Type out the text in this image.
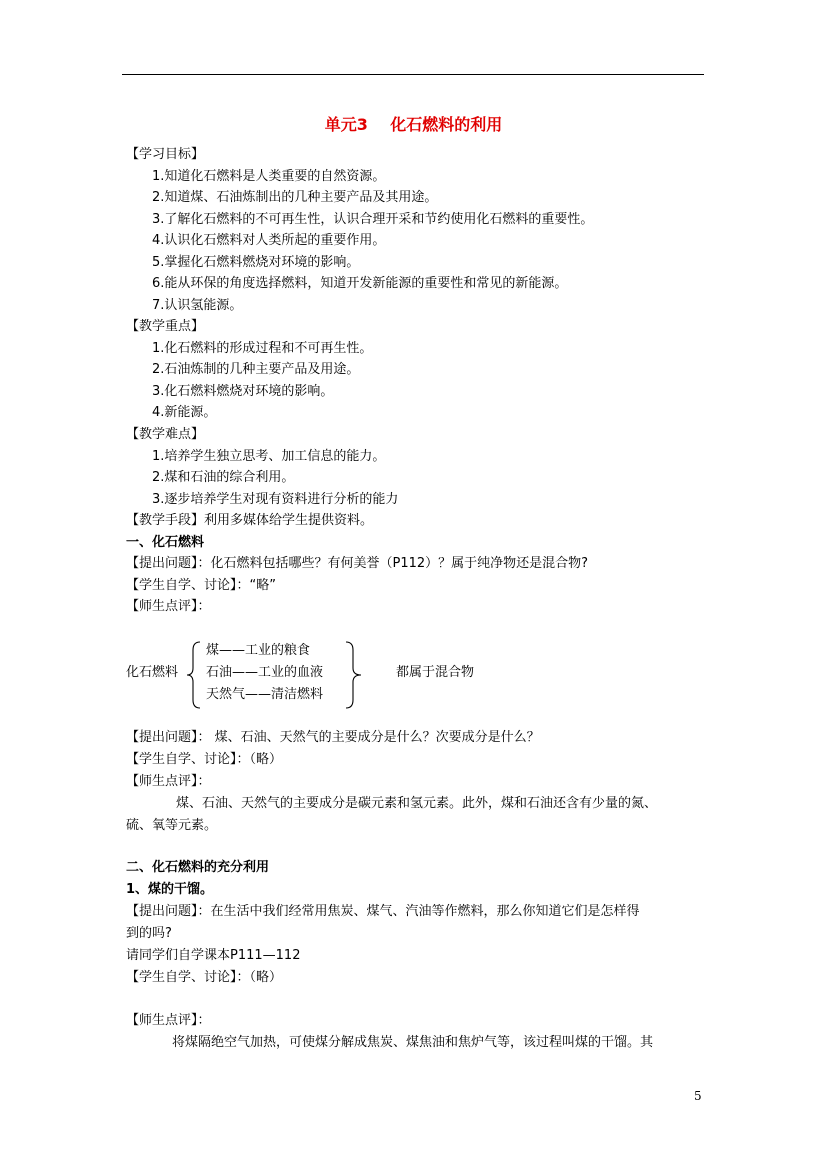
单元3    化石燃料的利用
【学习目标】
1.知道化石燃料是人类重要的自然资源。
2.知道煤、石油炼制出的几种主要产品及其用途。
3.了解化石燃料的不可再生性，认识合理开采和节约使用化石燃料的重要性。
4.认识化石燃料对人类所起的重要作用。
5.掌握化石燃料燃烧对环境的影响。
6.能从环保的角度选择燃料，知道开发新能源的重要性和常见的新能源。
7.认识氢能源。
【教学重点】
1.化石燃料的形成过程和不可再生性。
2.石油炼制的几种主要产品及用途。
3.化石燃料燃烧对环境的影响。
4.新能源。
【教学难点】
1.培养学生独立思考、加工信息的能力。
2.煤和石油的综合利用。
3.逐步培养学生对现有资料进行分析的能力
【教学手段】利用多媒体给学生提供资料。
一、化石燃料
【提出问题】：化石燃料包括哪些？有何美誉（P112）？属于纯净物还是混合物?
【学生自学、讨论】：“略”
【师生点评】：
化石燃料
煤——工业的粮食
石油——工业的血液
天然气——清洁燃料
都属于混合物
【提出问题】： 煤、石油、天然气的主要成分是什么？次要成分是什么？
【学生自学、讨论】：（略）
【师生点评】：
煤、石油、天然气的主要成分是碳元素和氢元素。此外，煤和石油还含有少量的氮、
硫、氧等元素。
二、化石燃料的充分利用
1、煤的干馏。
【提出问题】：在生活中我们经常用焦炭、煤气、汽油等作燃料，那么你知道它们是怎样得
到的吗?
请同学们自学课本P111—112
【学生自学、讨论】：（略）
【师生点评】：
将煤隔绝空气加热，可使煤分解成焦炭、煤焦油和焦炉气等，该过程叫煤的干馏。其
5
